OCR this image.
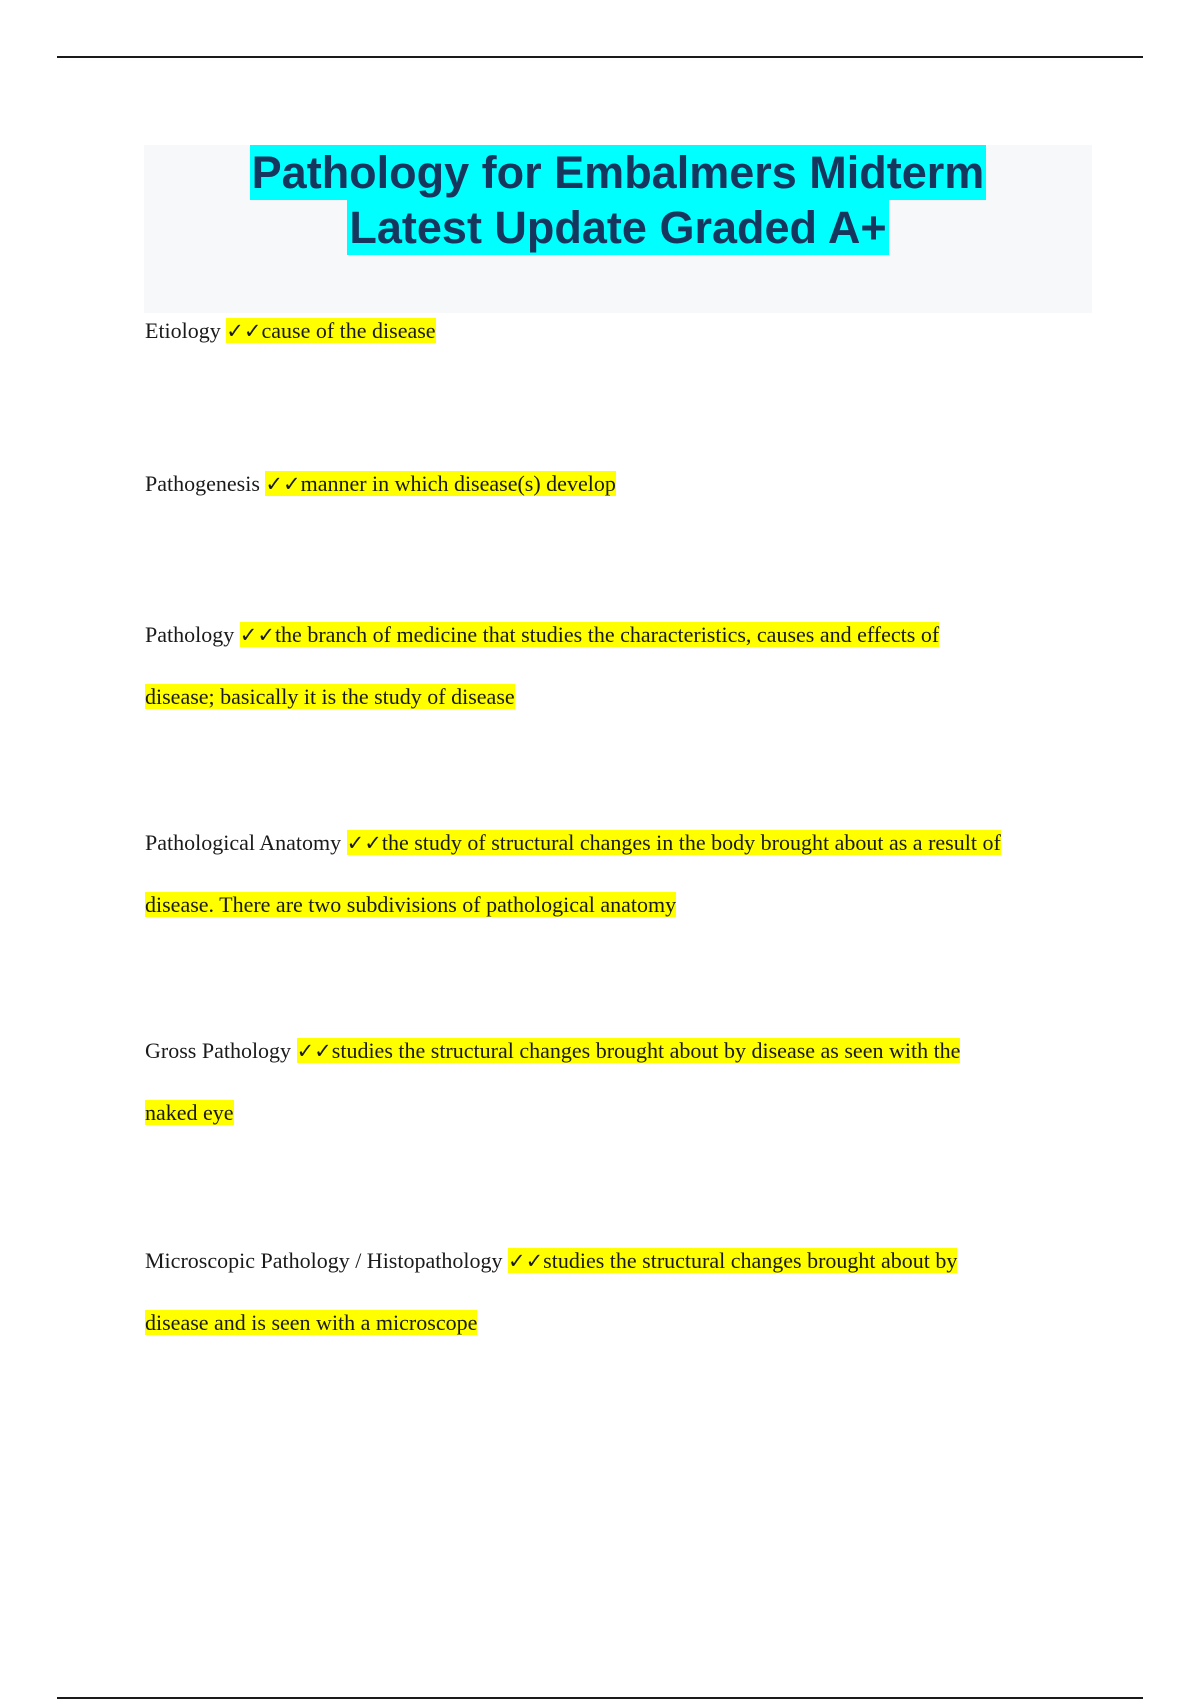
Pathology for Embalmers Midterm
Latest Update Graded A+
Etiology ✓✓cause of the disease
Pathogenesis ✓✓manner in which disease(s) develop
Pathology ✓✓the branch of medicine that studies the characteristics, causes and effects of
disease; basically it is the study of disease
Pathological Anatomy ✓✓the study of structural changes in the body brought about as a result of
disease. There are two subdivisions of pathological anatomy
Gross Pathology ✓✓studies the structural changes brought about by disease as seen with the
naked eye
Microscopic Pathology / Histopathology ✓✓studies the structural changes brought about by
disease and is seen with a microscope
